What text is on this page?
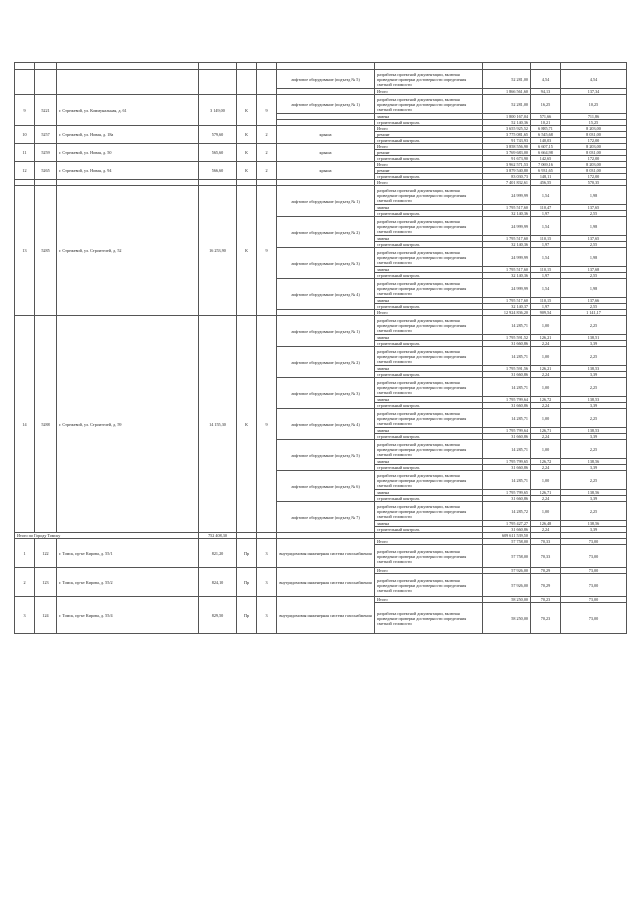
						лифтовое оборудование (подъезд № 5)	разработка проектной документации, включая проведение проверки достоверности определения сметной стоимости	52 281,00	4,54	4,54
							Итого	1 866 561,60	94,13	137,34
9	5221	г. Стрежевой, ул. Коммунальная, д. 61	3 149,00	К	9	лифтовое оборудование (подъезд № 1)	разработка проектной документации, включая проведение проверки достоверности определения сметной стоимости	52 281,00	16,25	10,25
							замена	1 800 167,04	571,66	711,86
							строительный контроль	52 140,36	10,21	15,25
10	5257	г. Стрежевой, ул. Новая, д. 18а	579,60	К	2	крыша	Итого	3 655 925,52	6 885,71	8 203,00
							ремонт	3 775 081,65	6 545,68	8 031,00
							строительный контроль	91 743,93	140,03	172,00
11	5259	г. Стрежевой, ул. Новая, д. 50	565,60	К	2	крыша	Итого	3 858 556,90	6 607,15	8 203,00
							ремонт	3 769 683,00	6 664,98	8 031,00
							строительный контроль	91 673,90	142,65	172,00
12	5265	г. Стрежевой, ул. Новая, д. 94	566,60	К	2	крыша	Итого	3 962 571,53	7 069,16	8 203,00
							ремонт	3 879 540,80	6 931,65	8 031,00
							строительный контроль	83 030,73	148,11	172,00
							Итого	7 401 832,61	456,55	570,35
13	5285	г. Стрежевой, ул. Строителей, д. 52	16 253,90	К	9	лифтовое оборудование (подъезд № 1)	разработка проектной документации, включая проведение проверки достоверности определения сметной стоимости	24 999,99	1,54	1,98
							замена	1 795 517,60	110,47	137,65
							строительный контроль	32 140,36	1,97	2,55
						лифтовое оборудование (подъезд № 2)	разработка проектной документации, включая проведение проверки достоверности определения сметной стоимости	24 999,99	1,54	1,98
							замена	1 795 517,60	110,15	137,65
							строительный контроль	32 140,36	1,97	2,55
						лифтовое оборудование (подъезд № 3)	разработка проектной документации, включая проведение проверки достоверности определения сметной стоимости	24 999,99	1,54	1,98
							замена	1 795 517,60	110,15	137,68
							строительный контроль	32 140,36	1,97	2,55
						лифтовое оборудование (подъезд № 4)	разработка проектной документации, включая проведение проверки достоверности определения сметной стоимости	24 999,99	1,54	1,98
							замена	1 795 517,60	110,15	137,66
							строительный контроль	32 140,37	1,97	2,55
							Итого	12 924 836,20	909,54	1 141,17
14	5288	г. Стрежевой, ул. Строителей, д. 59	14 155,30	К	9	лифтовое оборудование (подъезд № 1)	разработка проектной документации, включая проведение проверки достоверности определения сметной стоимости	14 285,71	1,00	2,25
							замена	1 795 591,52	126,21	138,51
							строительный контроль	31 660,86	2,24	3,39
						лифтовое оборудование (подъезд № 2)	разработка проектной документации, включая проведение проверки достоверности определения сметной стоимости	14 285,71	1,00	2,25
							замена	1 795 591,56	126,21	138,53
							строительный контроль	31 660,86	2,24	3,39
						лифтовое оборудование (подъезд № 3)	разработка проектной документации, включая проведение проверки достоверности определения сметной стоимости	14 285,71	1,00	2,25
							замена	1 795 799,64	126,72	138,53
							строительный контроль	31 660,86	2,24	3,39
						лифтовое оборудование (подъезд № 4)	разработка проектной документации, включая проведение проверки достоверности определения сметной стоимости	14 285,71	1,00	2,25
							замена	1 795 799,64	126,71	138,53
							строительный контроль	31 660,86	2,24	3,39
						лифтовое оборудование (подъезд № 5)	разработка проектной документации, включая проведение проверки достоверности определения сметной стоимости	14 285,71	1,00	2,25
							замена	1 795 799,65	126,72	138,56
							строительный контроль	31 660,86	2,24	3,39
						лифтовое оборудование (подъезд № 6)	разработка проектной документации, включая проведение проверки достоверности определения сметной стоимости	14 285,71	1,00	2,25
							замена	1 795 799,65	126,71	138,56
							строительный контроль	31 660,86	2,24	3,39
						лифтовое оборудование (подъезд № 7)	разработка проектной документации, включая проведение проверки достоверности определения сметной стоимости	14 285,72	1,00	2,25
							замена	1 795 427,27	126,48	138,56
							строительный контроль	31 660,86	2,24	3,39
Итого по Городу Томску			752 408,30					609 611 539,50		
1	122	г. Томск, пр-кт Кирова, д. 55/1	821,20	Пр	3	внутридомовая инженерная система газоснабжения	Итого	57 758,00	70,33	73,00
							разработка проектной документации, включая проведение проверки достоверности определения сметной стоимости	57 758,00	70,33	73,00
2	123	г. Томск, пр-кт Кирова, д. 55/2	824,10	Пр	3	внутридомовая инженерная система газоснабжения	Итого	57 926,00	70,29	73,00
							разработка проектной документации, включая проведение проверки достоверности определения сметной стоимости	57 926,00	70,29	73,00
3	124	г. Томск, пр-кт Кирова, д. 55/4	829,50	Пр	3	внутридомовая инженерная система газоснабжения	Итого	58 250,00	70,23	73,00
							разработка проектной документации, включая проведение проверки достоверности определения сметной стоимости	58 250,00	70,23	73,00
